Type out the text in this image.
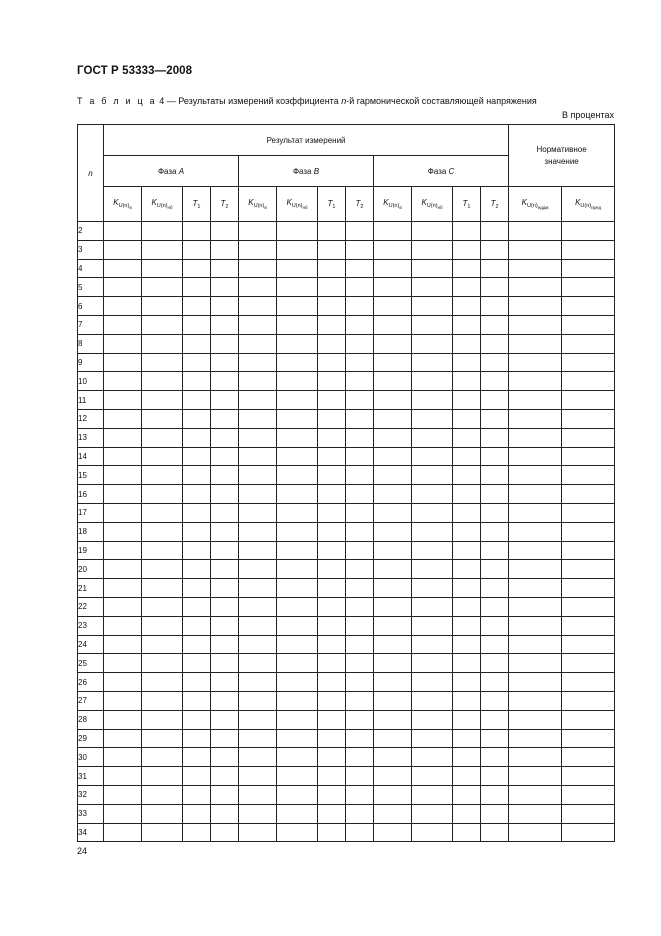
ГОСТ Р 53333—2008
Т а б л и ц а 4 — Результаты измерений коэффициента n-й гармонической составляющей напряжения
В процентах
n	Результат измерений												Нормативное
значение	
	Фаза A				Фаза B				Фаза C					
	$K_{U(n)_в}$	$K_{U(n)_{нб}}$	$T_1$	$T_2$	$K_{U(n)_в}$	$K_{U(n)_{нб}}$	$T_1$	$T_2$	$K_{U(n)_в}$	$K_{U(n)_{нб}}$	$T_1$	$T_2$	$K_{U(n)_{нддм}}$	$K_{U(n)_{пред}}$
2														
3														
4														
5														
6														
7														
8														
9														
10														
11														
12														
13														
14														
15														
16														
17														
18														
19														
20														
21														
22														
23														
24														
25														
26														
27														
28														
29														
30														
31														
32														
33														
34														
24
